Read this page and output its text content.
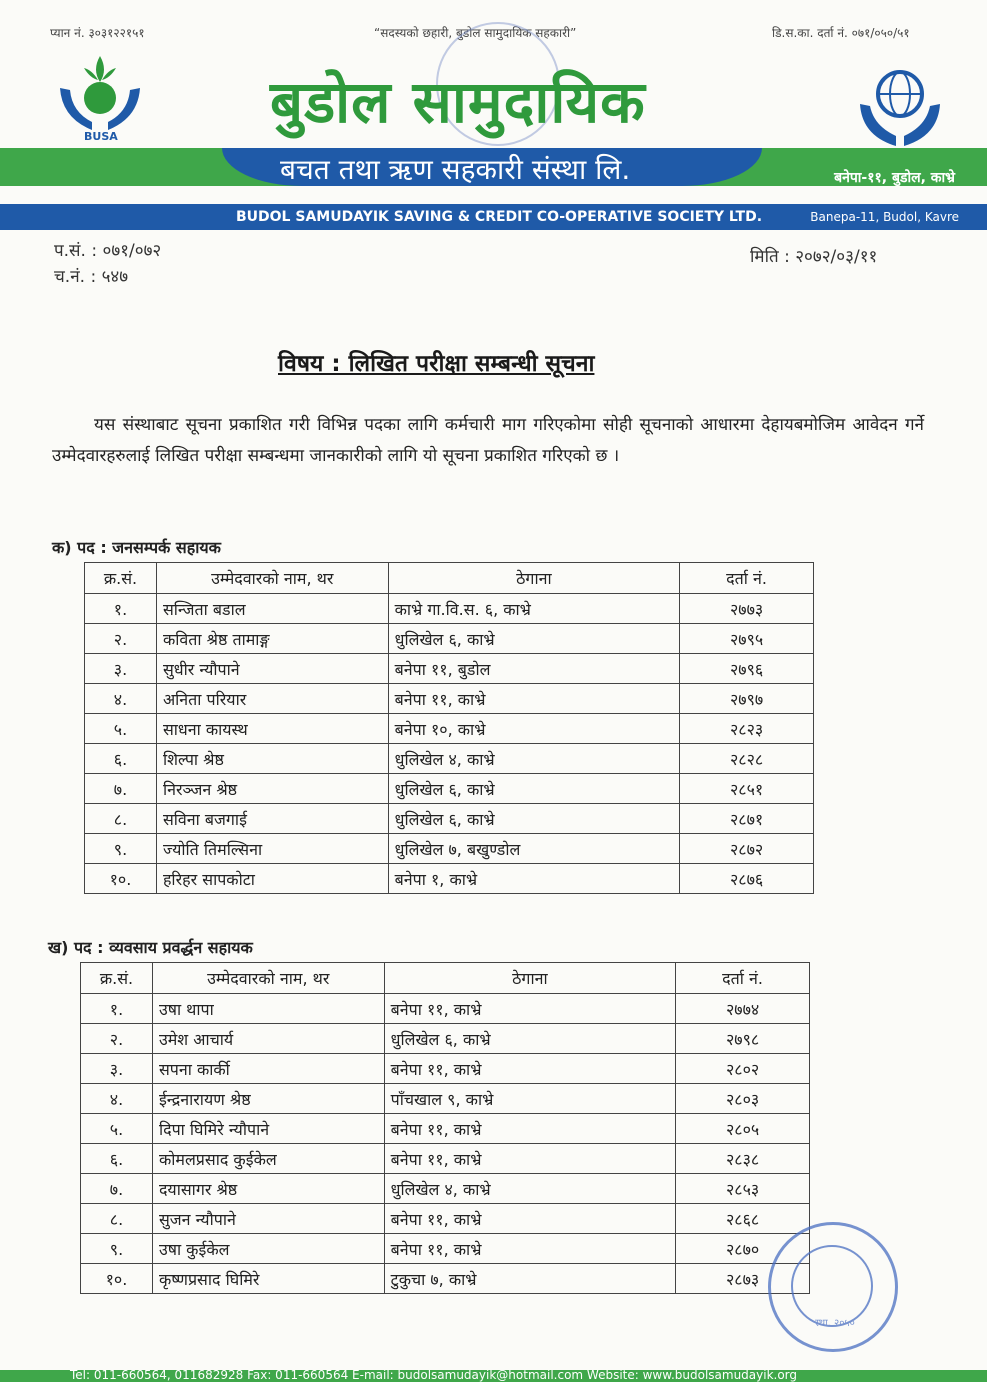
प्यान नं. ३०३१२२१५१	“सदस्यको छहारी, बुडोल सामुदायिक सहकारी”	डि.स.का. दर्ता नं. ०७१/०५०/५१
BUSA
बुडोल सामुदायिक
बचत तथा ऋण सहकारी संस्था लि.	बनेपा-११, बुडोल, काभ्रे
BUDOL SAMUDAYIK SAVING & CREDIT CO-OPERATIVE SOCIETY LTD.	Banepa-11, Budol, Kavre
प.सं. : ०७१/०७२
च.नं. : ५४७
मिति : २०७२/०३/११
विषय : लिखित परीक्षा सम्बन्धी सूचना
यस संस्थाबाट सूचना प्रकाशित गरी विभिन्न पदका लागि कर्मचारी माग गरिएकोमा सोही सूचनाको आधारमा देहायबमोजिम आवेदन गर्ने उम्मेदवारहरुलाई लिखित परीक्षा सम्बन्धमा जानकारीको लागि यो सूचना प्रकाशित गरिएको छ ।
क) पद : जनसम्पर्क सहायक
क्र.सं.	उम्मेदवारको नाम, थर	ठेगाना	दर्ता नं.
१.	सन्जिता बडाल	काभ्रे गा.वि.स. ६, काभ्रे	२७७३
२.	कविता श्रेष्ठ तामाङ्ग	धुलिखेल ६, काभ्रे	२७९५
३.	सुधीर न्यौपाने	बनेपा ११, बुडोल	२७९६
४.	अनिता परियार	बनेपा ११, काभ्रे	२७९७
५.	साधना कायस्थ	बनेपा १०, काभ्रे	२८२३
६.	शिल्पा श्रेष्ठ	धुलिखेल ४, काभ्रे	२८२८
७.	निरञ्जन श्रेष्ठ	धुलिखेल ६, काभ्रे	२८५१
८.	सविना बजगाई	धुलिखेल ६, काभ्रे	२८७१
९.	ज्योति तिमल्सिना	धुलिखेल ७, बखुण्डोल	२८७२
१०.	हरिहर सापकोटा	बनेपा १, काभ्रे	२८७६
ख) पद : व्यवसाय प्रवर्द्धन सहायक
क्र.सं.	उम्मेदवारको नाम, थर	ठेगाना	दर्ता नं.
१.	उषा थापा	बनेपा ११, काभ्रे	२७७४
२.	उमेश आचार्य	धुलिखेल ६, काभ्रे	२७९८
३.	सपना कार्की	बनेपा ११, काभ्रे	२८०२
४.	ईन्द्रनारायण श्रेष्ठ	पाँचखाल ९, काभ्रे	२८०३
५.	दिपा घिमिरे न्यौपाने	बनेपा ११, काभ्रे	२८०५
६.	कोमलप्रसाद कुईकेल	बनेपा ११, काभ्रे	२८३८
७.	दयासागर श्रेष्ठ	धुलिखेल ४, काभ्रे	२८५३
८.	सुजन न्यौपाने	बनेपा ११, काभ्रे	२८६८
९.	उषा कुईकेल	बनेपा ११, काभ्रे	२८७०
१०.	कृष्णप्रसाद घिमिरे	टुकुचा ७, काभ्रे	२८७३
स्था. २०५०
Tel: 011-660564, 011682928 Fax: 011-660564 E-mail: budolsamudayik@hotmail.com Website: www.budolsamudayik.org
